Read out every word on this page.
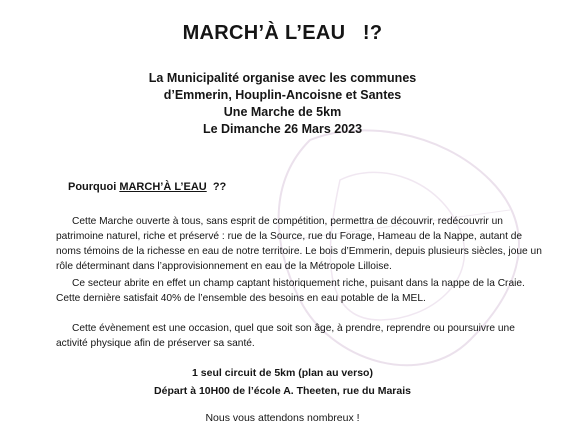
MARCH’À L’EAU   !?
La Municipalité organise avec les communes
d’Emmerin, Houplin-Ancoisne et Santes
Une Marche de 5km
Le Dimanche 26 Mars 2023
Pourquoi MARCH’À L’EAU  ??
Cette Marche ouverte à tous, sans esprit de compétition, permettra de découvrir, redécouvrir un
patrimoine naturel, riche et préservé : rue de la Source, rue du Forage, Hameau de la Nappe, autant de
noms témoins de la richesse en eau de notre territoire. Le bois d’Emmerin, depuis plusieurs siècles, joue un
rôle déterminant dans l’approvisionnement en eau de la Métropole Lilloise.
Ce secteur abrite en effet un champ captant historiquement riche, puisant dans la nappe de la Craie.
Cette dernière satisfait 40% de l’ensemble des besoins en eau potable de la MEL.
Cette évènement est une occasion, quel que soit son âge, à prendre, reprendre ou poursuivre une
activité physique afin de préserver sa santé.
1 seul circuit de 5km (plan au verso)
Départ à 10H00 de l’école A. Theeten, rue du Marais
Nous vous attendons nombreux !
